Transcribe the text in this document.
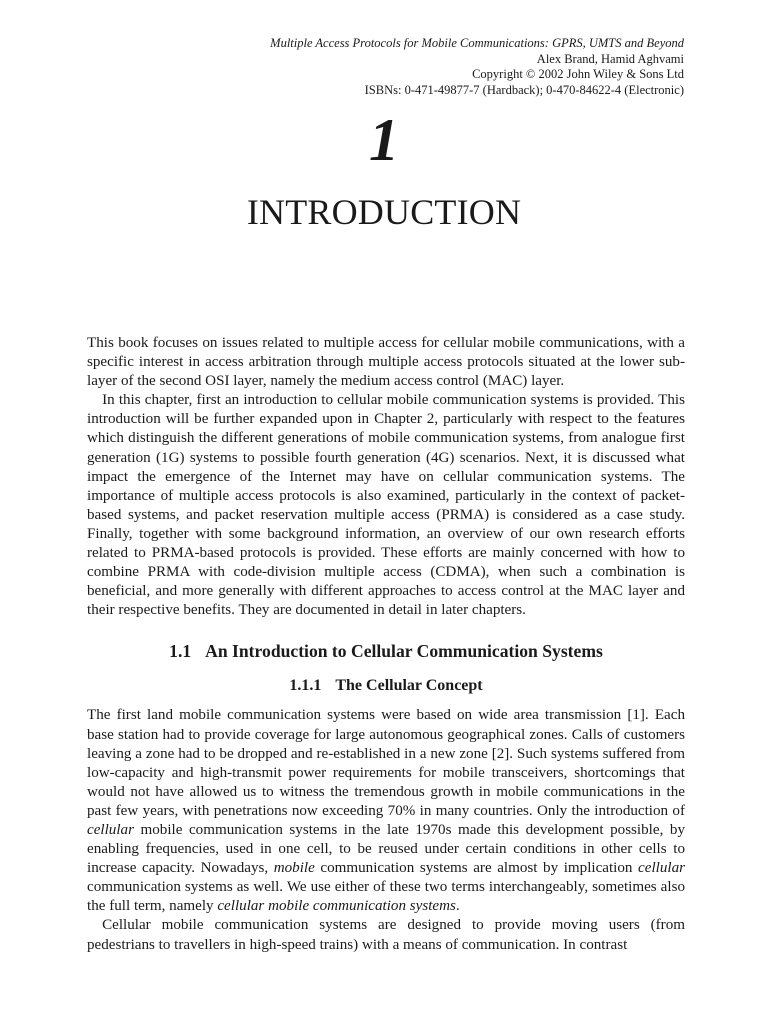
Multiple Access Protocols for Mobile Communications: GPRS, UMTS and Beyond
Alex Brand, Hamid Aghvami
Copyright © 2002 John Wiley & Sons Ltd
ISBNs: 0-471-49877-7 (Hardback); 0-470-84622-4 (Electronic)
1
INTRODUCTION

This book focuses on issues related to multiple access for cellular mobile communications, with a specific interest in access arbitration through multiple access protocols situated at the lower sub-layer of the second OSI layer, namely the medium access control (MAC) layer.

In this chapter, first an introduction to cellular mobile communication systems is provided. This introduction will be further expanded upon in Chapter 2, particularly with respect to the features which distinguish the different generations of mobile communication systems, from analogue first generation (1G) systems to possible fourth generation (4G) scenarios. Next, it is discussed what impact the emergence of the Internet may have on cellular communication systems. The importance of multiple access protocols is also examined, particularly in the context of packet-based systems, and packet reservation multiple access (PRMA) is considered as a case study. Finally, together with some background information, an overview of our own research efforts related to PRMA-based protocols is provided. These efforts are mainly concerned with how to combine PRMA with code-division multiple access (CDMA), when such a combination is beneficial, and more generally with different approaches to access control at the MAC layer and their respective benefits. They are documented in detail in later chapters.

1.1 An Introduction to Cellular Communication Systems
1.1.1 The Cellular Concept

The first land mobile communication systems were based on wide area transmission [1]. Each base station had to provide coverage for large autonomous geographical zones. Calls of customers leaving a zone had to be dropped and re-established in a new zone [2]. Such systems suffered from low-capacity and high-transmit power requirements for mobile transceivers, shortcomings that would not have allowed us to witness the tremendous growth in mobile communications in the past few years, with penetrations now exceeding 70% in many countries. Only the introduction of cellular mobile communication systems in the late 1970s made this development possible, by enabling frequencies, used in one cell, to be reused under certain conditions in other cells to increase capacity. Nowadays, mobile communication systems are almost by implication cellular communication systems as well. We use either of these two terms interchangeably, sometimes also the full term, namely cellular mobile communication systems.

Cellular mobile communication systems are designed to provide moving users (from pedestrians to travellers in high-speed trains) with a means of communication. In contrast
